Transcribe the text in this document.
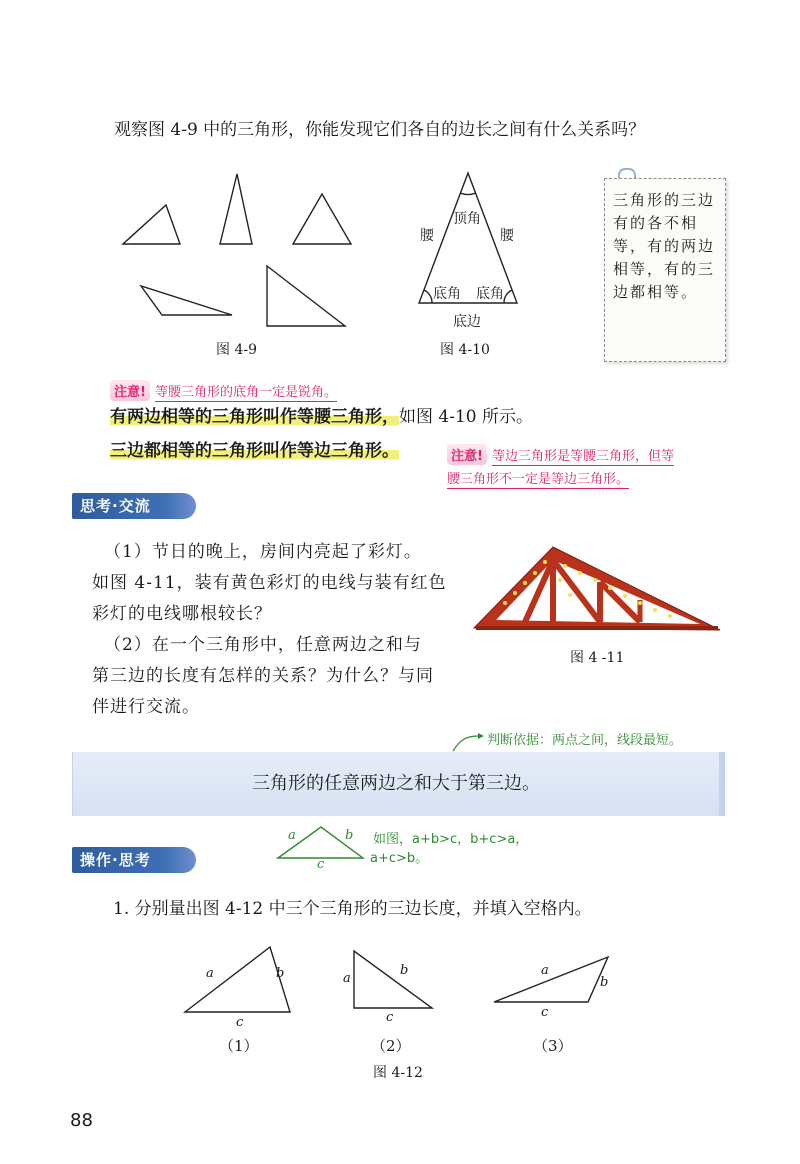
观察图 4-9 中的三角形，你能发现它们各自的边长之间有什么关系吗？
顶角
腰	腰
底角 底角
底边
图 4-9	图 4-10
三角形的三边有的各不相等，有的两边相等，有的三边都相等。
注意! 等腰三角形的底角一定是锐角。
有两边相等的三角形叫作等腰三角形，如图 4-10 所示。
三边都相等的三角形叫作等边三角形。	注意! 等边三角形是等腰三角形，但等
腰三角形不一定是等边三角形。
思考·交流
（1）节日的晚上，房间内亮起了彩灯。
如图 4-11，装有黄色彩灯的电线与装有红色
彩灯的电线哪根较长？
（2）在一个三角形中，任意两边之和与
第三边的长度有怎样的关系？为什么？与同
伴进行交流。
图 4 -11
判断依据：两点之间，线段最短。
三角形的任意两边之和大于第三边。
a	b
c
如图，a+b>c，b+c>a，
a+c>b。
操作·思考
1. 分别量出图 4-12 中三个三角形的三边长度，并填入空格内。
a	b
c
a
b
c
a
b
c
（1）	（2）	（3）
图 4-12
88
